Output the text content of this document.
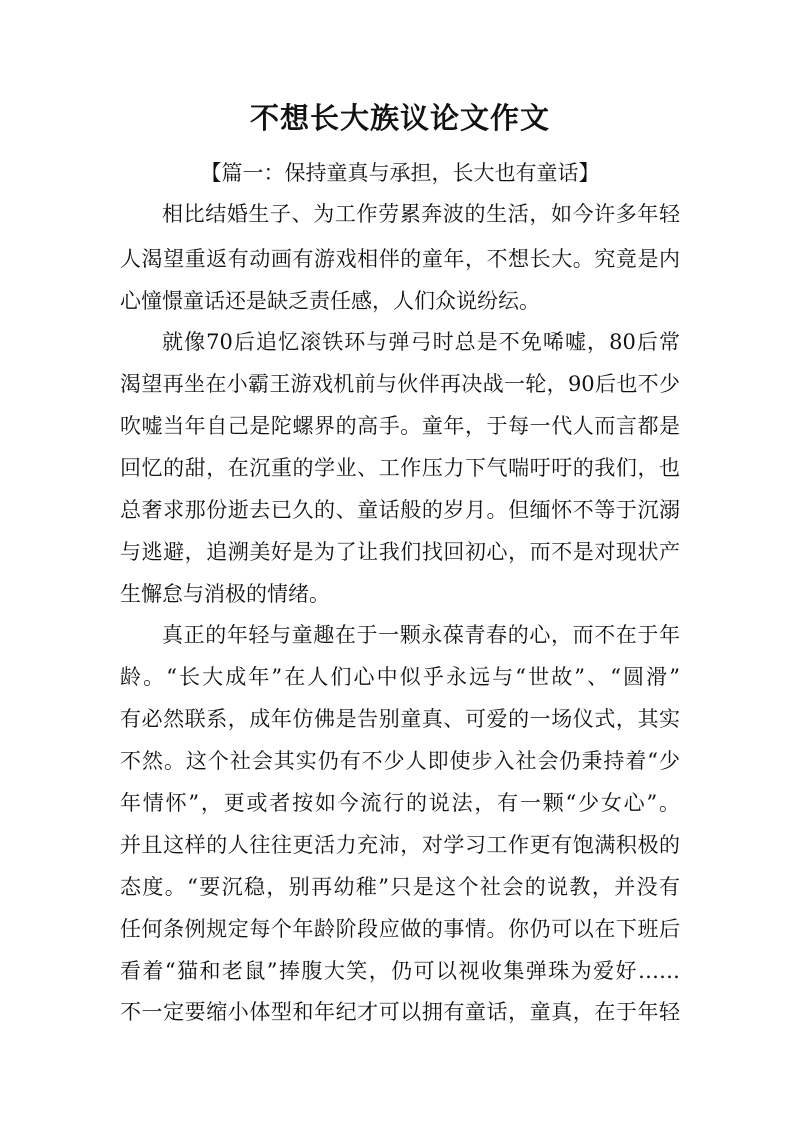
不想长大族议论文作文

【篇一：保持童真与承担，长大也有童话】

相比结婚生子、为工作劳累奔波的生活，如今许多年轻

人渴望重返有动画有游戏相伴的童年，不想长大。究竟是内

心憧憬童话还是缺乏责任感，人们众说纷纭。

就像70后追忆滚铁环与弹弓时总是不免唏嘘，80后常

渴望再坐在小霸王游戏机前与伙伴再决战一轮，90后也不少

吹嘘当年自己是陀螺界的高手。童年，于每一代人而言都是

回忆的甜，在沉重的学业、工作压力下气喘吁吁的我们，也

总奢求那份逝去已久的、童话般的岁月。但缅怀不等于沉溺

与逃避，追溯美好是为了让我们找回初心，而不是对现状产

生懈怠与消极的情绪。

真正的年轻与童趣在于一颗永葆青春的心，而不在于年

龄。“长大成年”在人们心中似乎永远与“世故”、“圆滑”

有必然联系，成年仿佛是告别童真、可爱的一场仪式，其实

不然。这个社会其实仍有不少人即使步入社会仍秉持着“少

年情怀”，更或者按如今流行的说法，有一颗“少女心”。

并且这样的人往往更活力充沛，对学习工作更有饱满积极的

态度。“要沉稳，别再幼稚”只是这个社会的说教，并没有

任何条例规定每个年龄阶段应做的事情。你仍可以在下班后

看着“猫和老鼠”捧腹大笑，仍可以视收集弹珠为爱好……

不一定要缩小体型和年纪才可以拥有童话，童真，在于年轻
